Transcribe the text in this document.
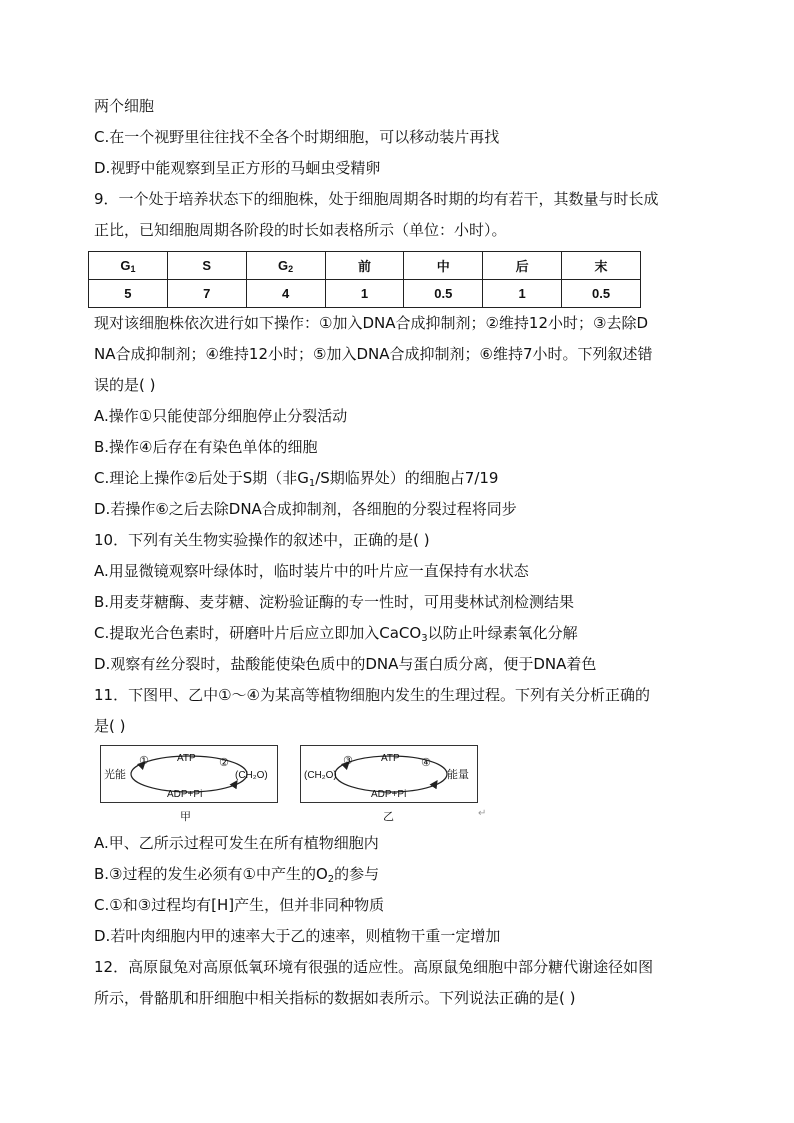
两个细胞
C.在一个视野里往往找不全各个时期细胞，可以移动装片再找
D.视野中能观察到呈正方形的马蛔虫受精卵
9．一个处于培养状态下的细胞株，处于细胞周期各时期的均有若干，其数量与时长成
正比，已知细胞周期各阶段的时长如表格所示（单位：小时）。
$G_1$	S	$G_2$	前	中	后	末
5	7	4	1	0.5	1	0.5
现对该细胞株依次进行如下操作：①加入DNA合成抑制剂；②维持12小时；③去除D
NA合成抑制剂；④维持12小时；⑤加入DNA合成抑制剂；⑥维持7小时。下列叙述错
误的是( )
A.操作①只能使部分细胞停止分裂活动
B.操作④后存在有染色单体的细胞
C.理论上操作②后处于S期（非$G_1/S$期临界处）的细胞占7/19
D.若操作⑥之后去除DNA合成抑制剂，各细胞的分裂过程将同步
10．下列有关生物实验操作的叙述中，正确的是( )
A.用显微镜观察叶绿体时，临时装片中的叶片应一直保持有水状态
B.用麦芽糖酶、麦芽糖、淀粉验证酶的专一性时，可用斐林试剂检测结果
C.提取光合色素时，研磨叶片后应立即加入CaCO$_3$以防止叶绿素氧化分解
D.观察有丝分裂时，盐酸能使染色质中的DNA与蛋白质分离，便于DNA着色
11．下图甲、乙中①～④为某高等植物细胞内发生的生理过程。下列有关分析正确的
是( )
①	②
ATP
ADP+Pi
光能	(CH₂O)
甲
③	④
ATP
ADP+Pi
(CH₂O)	能量
乙	↵
A.甲、乙所示过程可发生在所有植物细胞内
B.③过程的发生必须有①中产生的$O_2$的参与
C.①和③过程均有[H]产生，但并非同种物质
D.若叶肉细胞内甲的速率大于乙的速率，则植物干重一定增加
12．高原鼠兔对高原低氧环境有很强的适应性。高原鼠兔细胞中部分糖代谢途径如图
所示，骨骼肌和肝细胞中相关指标的数据如表所示。下列说法正确的是( )
